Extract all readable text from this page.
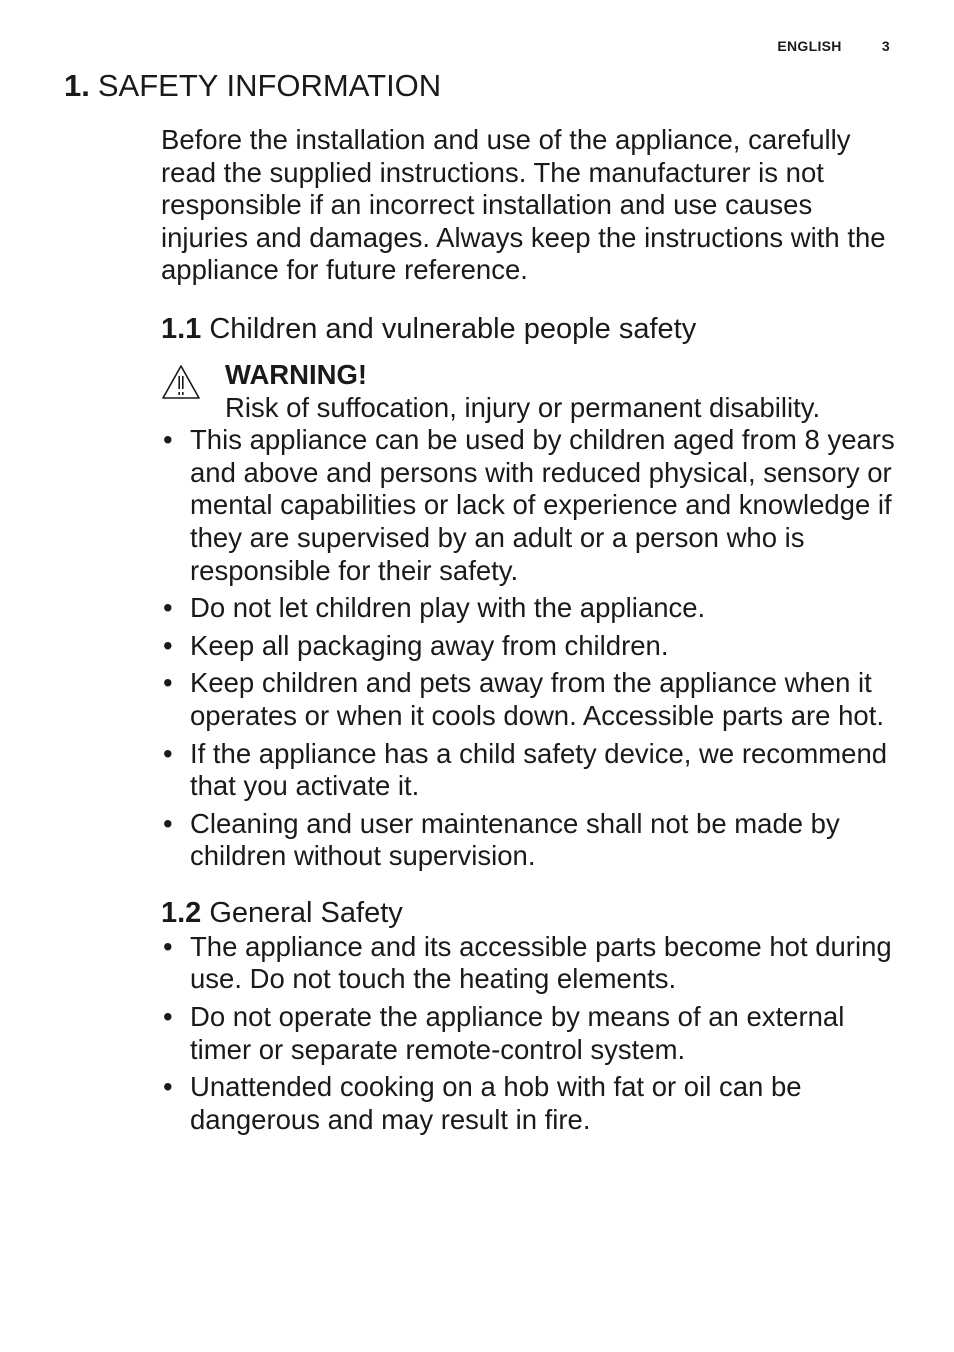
ENGLISH	3
1. SAFETY INFORMATION

Before the installation and use of the appliance, carefully read the supplied instructions. The manufacturer is not responsible if an incorrect installation and use causes injuries and damages. Always keep the instructions with the appliance for future reference.

1.1 Children and vulnerable people safety
WARNING!
Risk of suffocation, injury or permanent disability.
• This appliance can be used by children aged from 8 years and above and persons with reduced physical, sensory or mental capabilities or lack of experience and knowledge if they are supervised by an adult or a person who is responsible for their safety.
• Do not let children play with the appliance.
• Keep all packaging away from children.
• Keep children and pets away from the appliance when it operates or when it cools down. Accessible parts are hot.
• If the appliance has a child safety device, we recommend that you activate it.
• Cleaning and user maintenance shall not be made by children without supervision.
1.2 General Safety
• The appliance and its accessible parts become hot during use. Do not touch the heating elements.
• Do not operate the appliance by means of an external timer or separate remote-control system.
• Unattended cooking on a hob with fat or oil can be dangerous and may result in fire.
